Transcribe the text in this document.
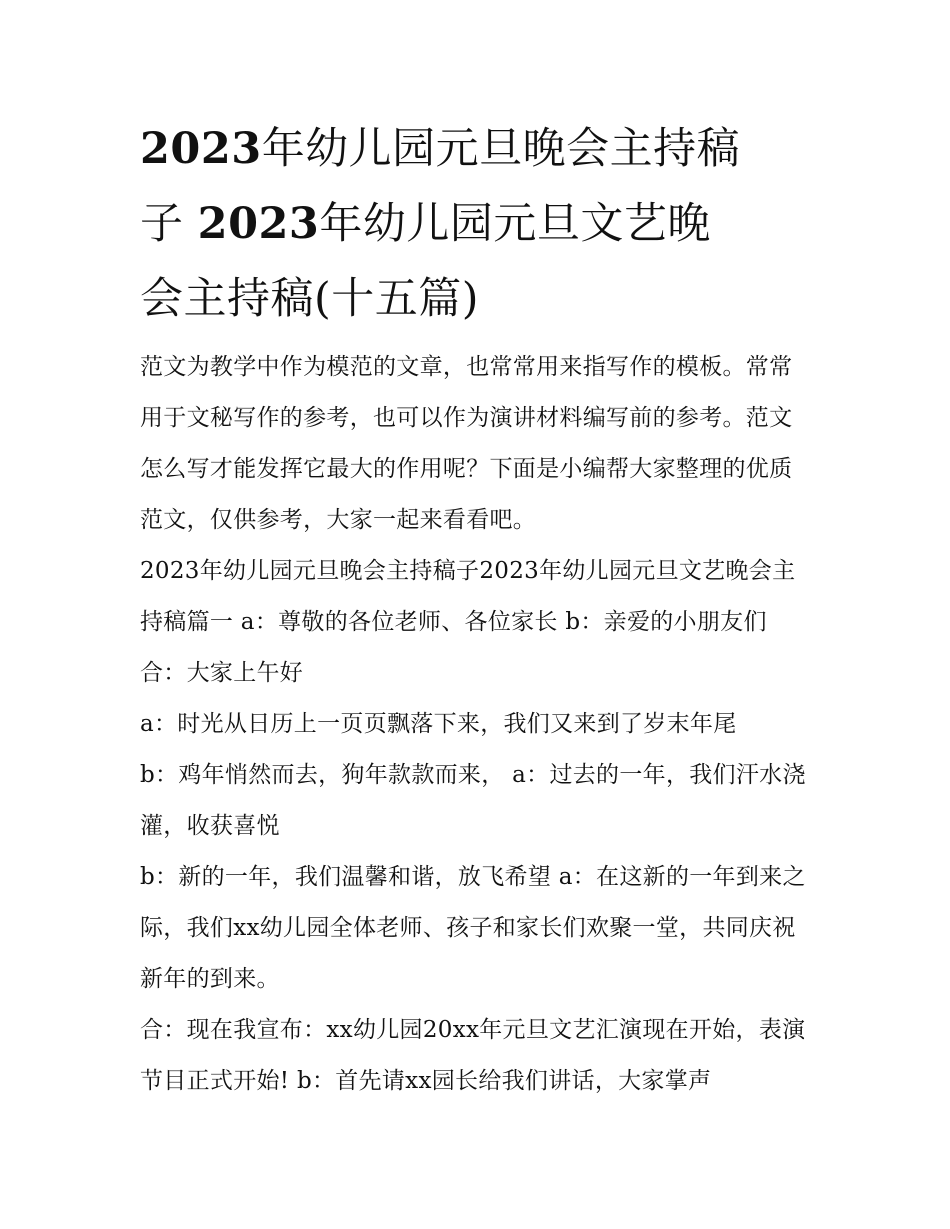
2023年幼儿园元旦晚会主持稿
子 2023年幼儿园元旦文艺晚
会主持稿(十五篇)

范文为教学中作为模范的文章，也常常用来指写作的模板。常常用于文秘写作的参考，也可以作为演讲材料编写前的参考。范文怎么写才能发挥它最大的作用呢？下面是小编帮大家整理的优质范文，仅供参考，大家一起来看看吧。

2023年幼儿园元旦晚会主持稿子2023年幼儿园元旦文艺晚会主持稿篇一 a：尊敬的各位老师、各位家长 b：亲爱的小朋友们 合：大家上午好

a：时光从日历上一页页飘落下来，我们又来到了岁末年尾

b：鸡年悄然而去，狗年款款而来， a：过去的一年，我们汗水浇灌，收获喜悦

b：新的一年，我们温馨和谐，放飞希望 a：在这新的一年到来之际，我们xx幼儿园全体老师、孩子和家长们欢聚一堂，共同庆祝新年的到来。

合：现在我宣布：xx幼儿园20xx年元旦文艺汇演现在开始，表演节目正式开始! b：首先请xx园长给我们讲话，大家掌声
